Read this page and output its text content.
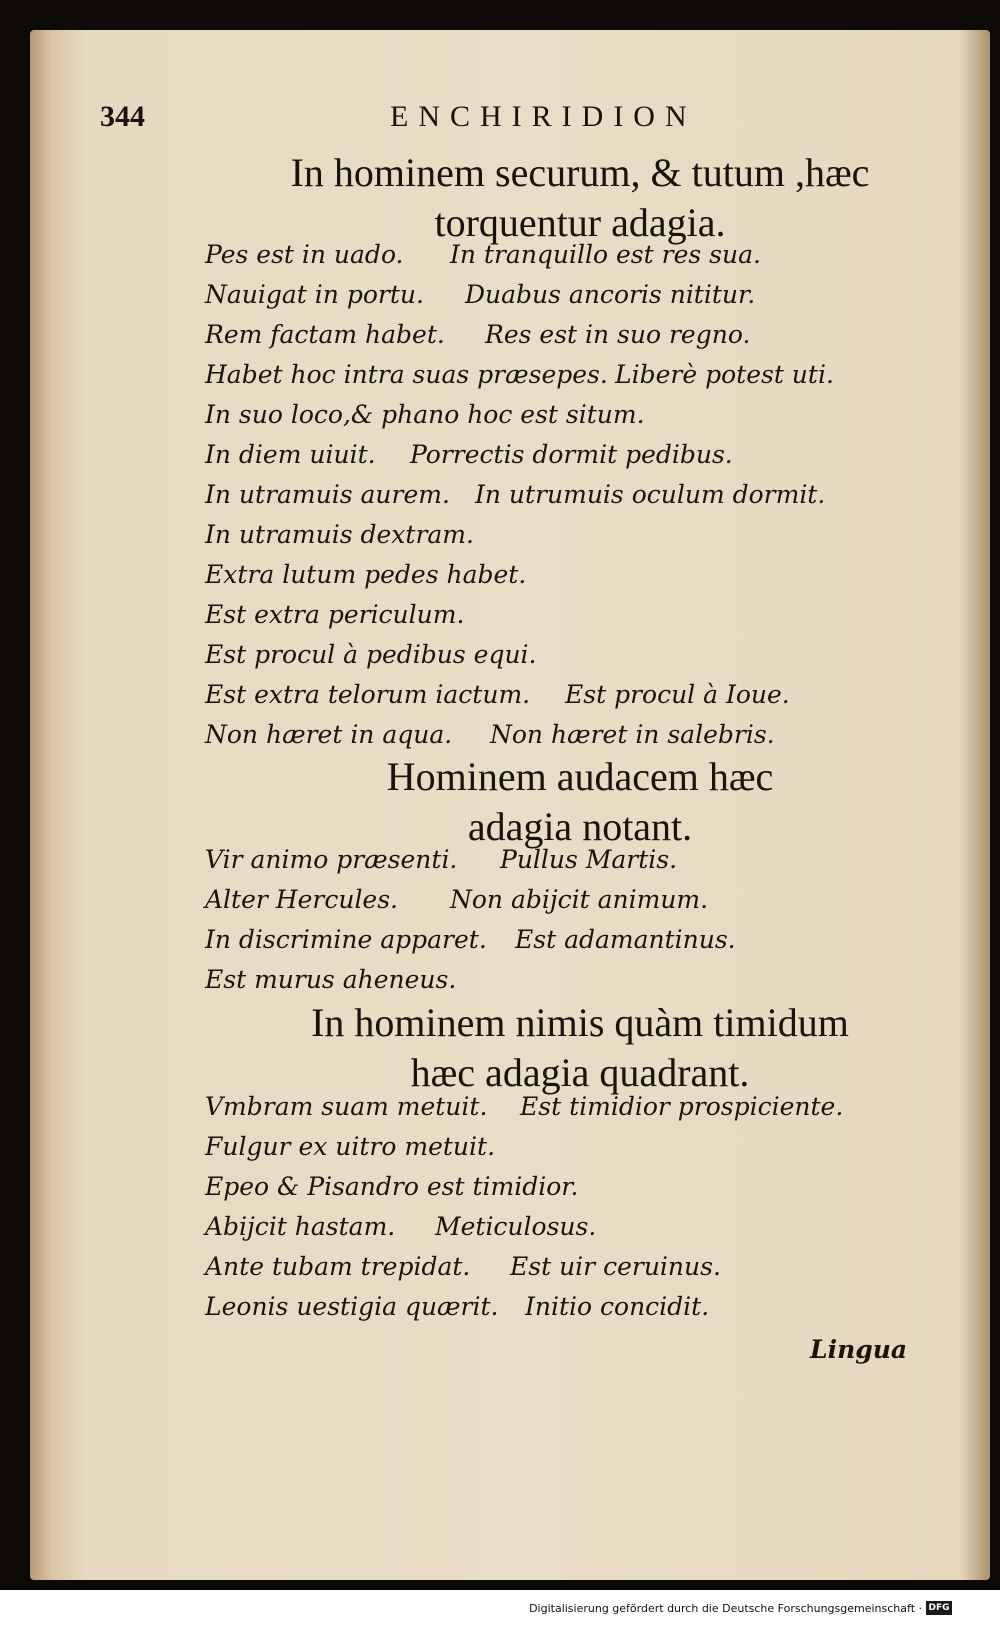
344	ENCHIRIDION
In hominem securum, & tutum ,hæc
torquentur adagia.
Pes est in uado. In tranquillo est res sua.
Nauigat in portu. Duabus ancoris nititur.
Rem factam habet. Res est in suo regno.
Habet hoc intra suas præsepes. Liberè potest uti.
In suo loco,& phano hoc est situm.
In diem uiuit. Porrectis dormit pedibus.
In utramuis aurem. In utrumuis oculum dormit.
In utramuis dextram.
Extra lutum pedes habet.
Est extra periculum.
Est procul à pedibus equi.
Est extra telorum iactum. Est procul à Ioue.
Non hæret in aqua. Non hæret in salebris.
Hominem audacem hæc
adagia notant.
Vir animo præsenti. Pullus Martis.
Alter Hercules. Non abijcit animum.
In discrimine apparet. Est adamantinus.
Est murus aheneus.
In hominem nimis quàm timidum
hæc adagia quadrant.
Vmbram suam metuit. Est timidior prospiciente.
Fulgur ex uitro metuit.
Epeo & Pisandro est timidior.
Abijcit hastam. Meticulosus.
Ante tubam trepidat. Est uir ceruinus.
Leonis uestigia quærit. Initio concidit.
Lingua
Digitalisierung gefördert durch die Deutsche Forschungsgemeinschaft · DFG
